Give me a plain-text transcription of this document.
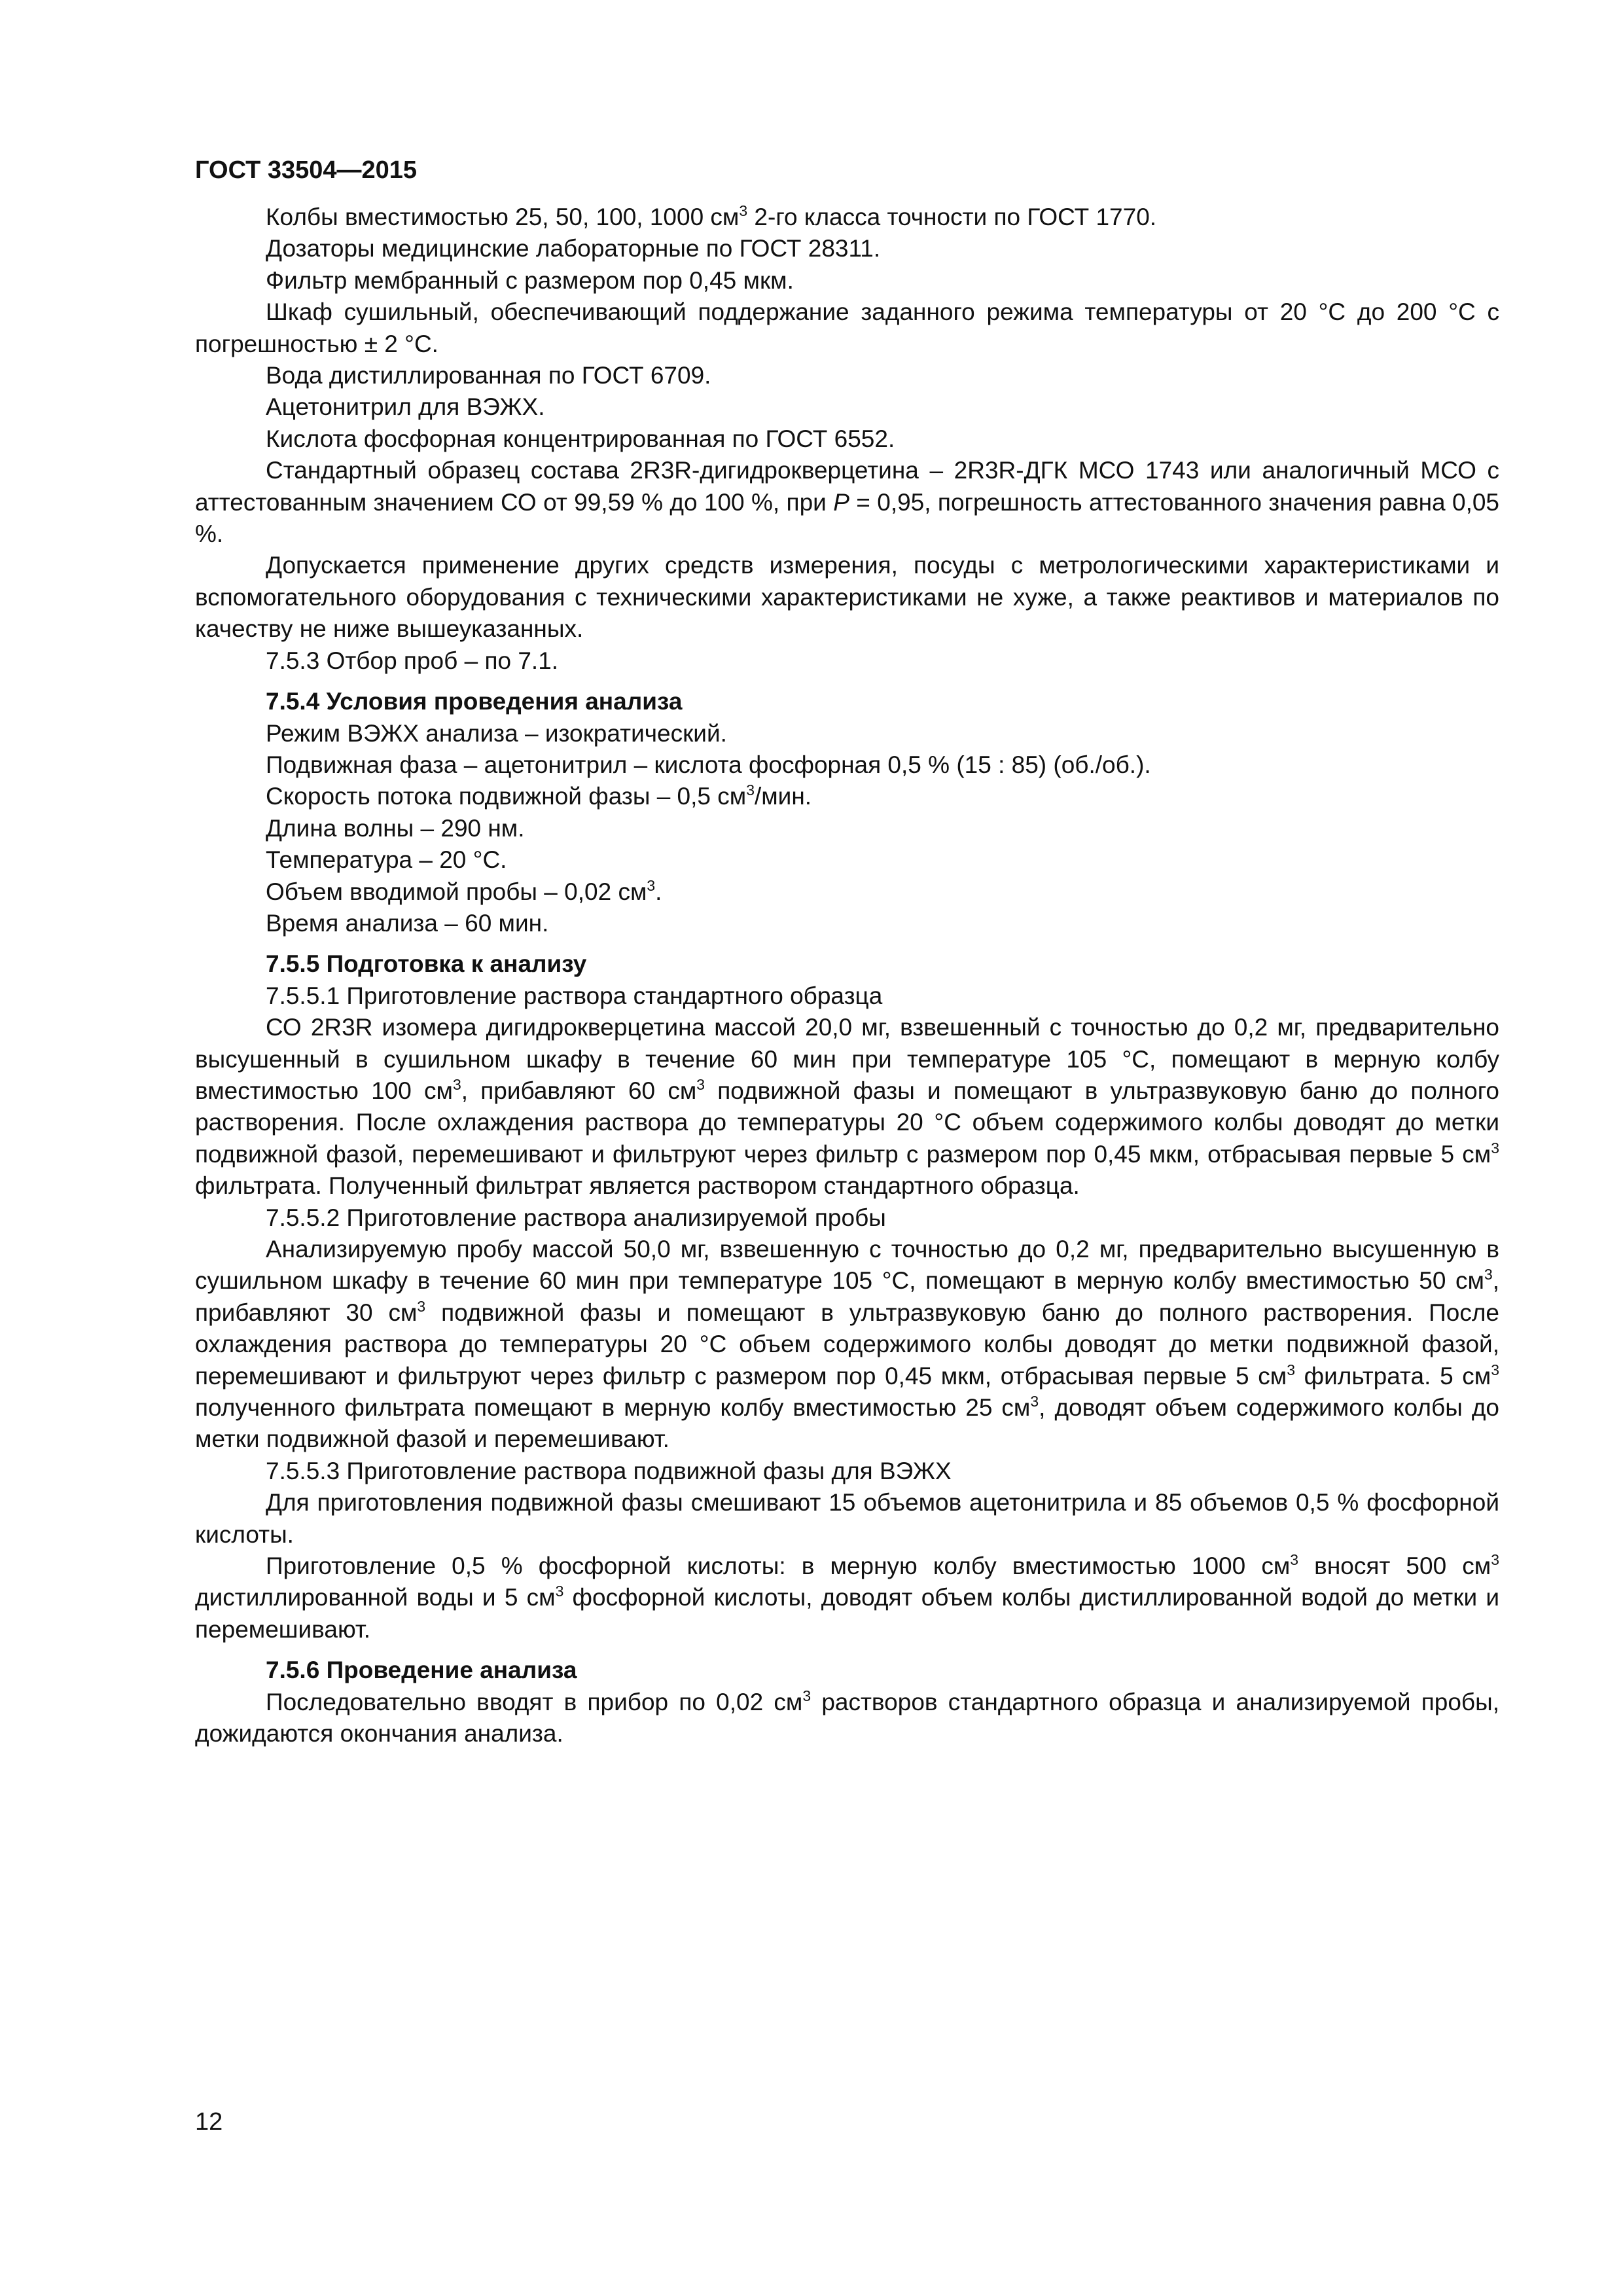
ГОСТ 33504—2015

Колбы вместимостью 25, 50, 100, 1000 $см^3$ 2-го класса точности по ГОСТ 1770.

Дозаторы медицинские лабораторные по ГОСТ 28311.

Фильтр мембранный с размером пор 0,45 мкм.

Шкаф сушильный, обеспечивающий поддержание заданного режима температуры от 20 °С до 200 °С с погрешностью ± 2 °С.

Вода дистиллированная по ГОСТ 6709.

Ацетонитрил для ВЭЖХ.

Кислота фосфорная концентрированная по ГОСТ 6552.

Стандартный образец состава 2R3R-дигидрокверцетина – 2R3R-ДГК МСО 1743 или аналогичный МСО с аттестованным значением СО от 99,59 % до 100 %, при P = 0,95, погрешность аттестованного значения равна 0,05 %.

Допускается применение других средств измерения, посуды с метрологическими характеристиками и вспомогательного оборудования с техническими характеристиками не хуже, а также реактивов и материалов по качеству не ниже вышеуказанных.

7.5.3 Отбор проб – по 7.1.

7.5.4 Условия проведения анализа

Режим ВЭЖХ анализа – изократический.

Подвижная фаза – ацетонитрил – кислота фосфорная 0,5 % (15 : 85) (об./об.).

Скорость потока подвижной фазы – 0,5 $см^3$/мин.

Длина волны – 290 нм.

Температура – 20 °С.

Объем вводимой пробы – 0,02 $см^3$.

Время анализа – 60 мин.

7.5.5 Подготовка к анализу

7.5.5.1 Приготовление раствора стандартного образца

СО 2R3R изомера дигидрокверцетина массой 20,0 мг, взвешенный с точностью до 0,2 мг, предварительно высушенный в сушильном шкафу в течение 60 мин при температуре 105 °С, помещают в мерную колбу вместимостью 100 $см^3$, прибавляют 60 $см^3$ подвижной фазы и помещают в ультразвуковую баню до полного растворения. После охлаждения раствора до температуры 20 °С объем содержимого колбы доводят до метки подвижной фазой, перемешивают и фильтруют через фильтр с размером пор 0,45 мкм, отбрасывая первые 5 $см^3$ фильтрата. Полученный фильтрат является раствором стандартного образца.

7.5.5.2 Приготовление раствора анализируемой пробы

Анализируемую пробу массой 50,0 мг, взвешенную с точностью до 0,2 мг, предварительно высушенную в сушильном шкафу в течение 60 мин при температуре 105 °С, помещают в мерную колбу вместимостью 50 $см^3$, прибавляют 30 $см^3$ подвижной фазы и помещают в ультразвуковую баню до полного растворения. После охлаждения раствора до температуры 20 °С объем содержимого колбы доводят до метки подвижной фазой, перемешивают и фильтруют через фильтр с размером пор 0,45 мкм, отбрасывая первые 5 $см^3$ фильтрата. 5 $см^3$ полученного фильтрата помещают в мерную колбу вместимостью 25 $см^3$, доводят объем содержимого колбы до метки подвижной фазой и перемешивают.

7.5.5.3 Приготовление раствора подвижной фазы для ВЭЖХ

Для приготовления подвижной фазы смешивают 15 объемов ацетонитрила и 85 объемов 0,5 % фосфорной кислоты.

Приготовление 0,5 % фосфорной кислоты: в мерную колбу вместимостью 1000 $см^3$ вносят 500 $см^3$ дистиллированной воды и 5 $см^3$ фосфорной кислоты, доводят объем колбы дистиллированной водой до метки и перемешивают.

7.5.6 Проведение анализа

Последовательно вводят в прибор по 0,02 $см^3$ растворов стандартного образца и анализируемой пробы, дожидаются окончания анализа.

12
